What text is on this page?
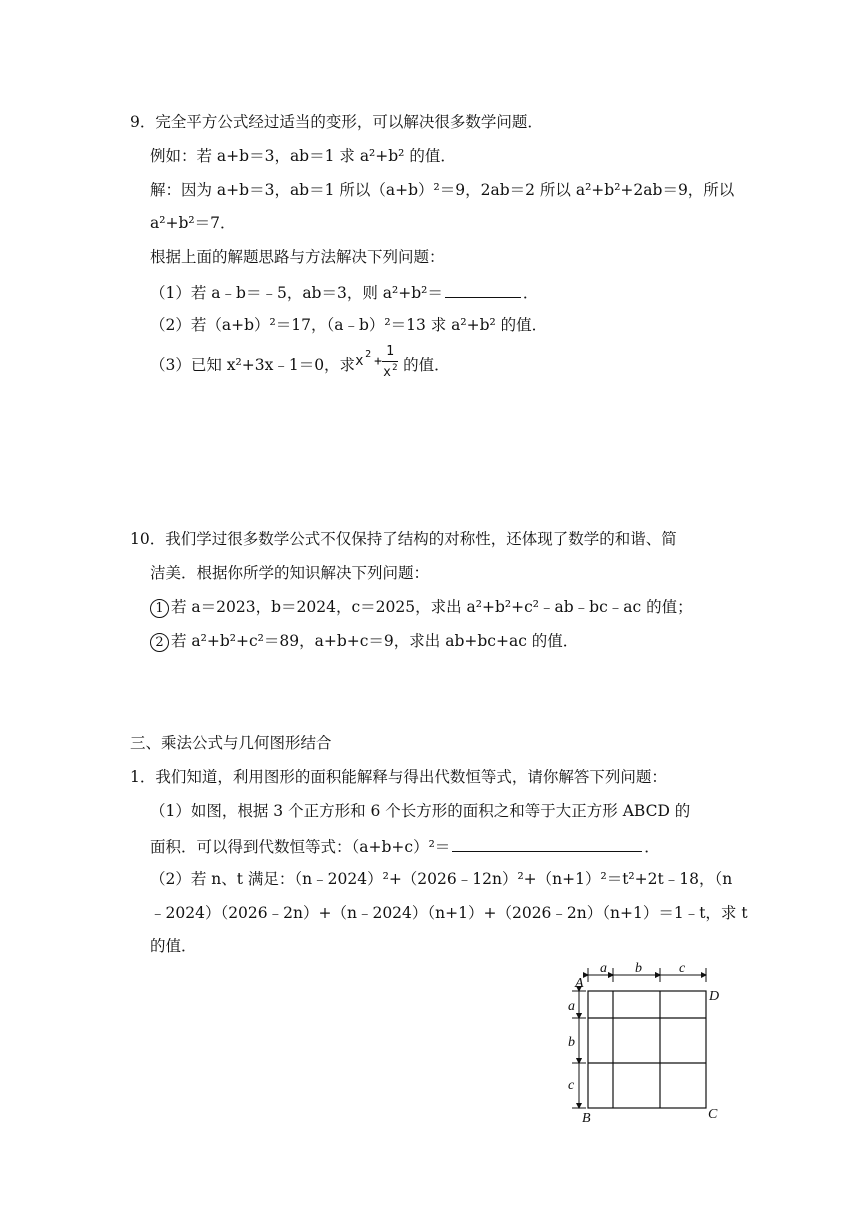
9．完全平方公式经过适当的变形，可以解决很多数学问题．
例如：若 a+b＝3，ab＝1 求 a²+b² 的值．
解：因为 a+b＝3，ab＝1 所以（a+b）²＝9，2ab＝2 所以 a²+b²+2ab＝9，所以
a²+b²＝7．
根据上面的解题思路与方法解决下列问题：
（1）若 a﹣b＝﹣5，ab＝3，则 a²+b²＝	．
（2）若（a+b）²＝17，（a﹣b）²＝13 求 a²+b² 的值．
（3）已知 x²+3x﹣1＝0，求 x 2 +
1
x 2 的值．
10．我们学过很多数学公式不仅保持了结构的对称性，还体现了数学的和谐、简
洁美．根据你所学的知识解决下列问题：
1 若 a＝2023，b＝2024，c＝2025，求出 a²+b²+c²﹣ab﹣bc﹣ac 的值；
2 若 a²+b²+c²＝89，a+b+c＝9，求出 ab+bc+ac 的值．
三、乘法公式与几何图形结合
1．我们知道，利用图形的面积能解释与得出代数恒等式，请你解答下列问题：
（1）如图，根据 3 个正方形和 6 个长方形的面积之和等于大正方形 ABCD 的
面积．可以得到代数恒等式：（a+b+c）²＝	．
（2）若 n、t 满足：（n﹣2024）²+（2026﹣12n）²+（n+1）²＝t²+2t﹣18，（n
﹣2024）（2026﹣2n）+（n﹣2024）（n+1）+（2026﹣2n）（n+1）＝1﹣t，求 t
的值．
a b	c
a
b
c
A
B	C
D
